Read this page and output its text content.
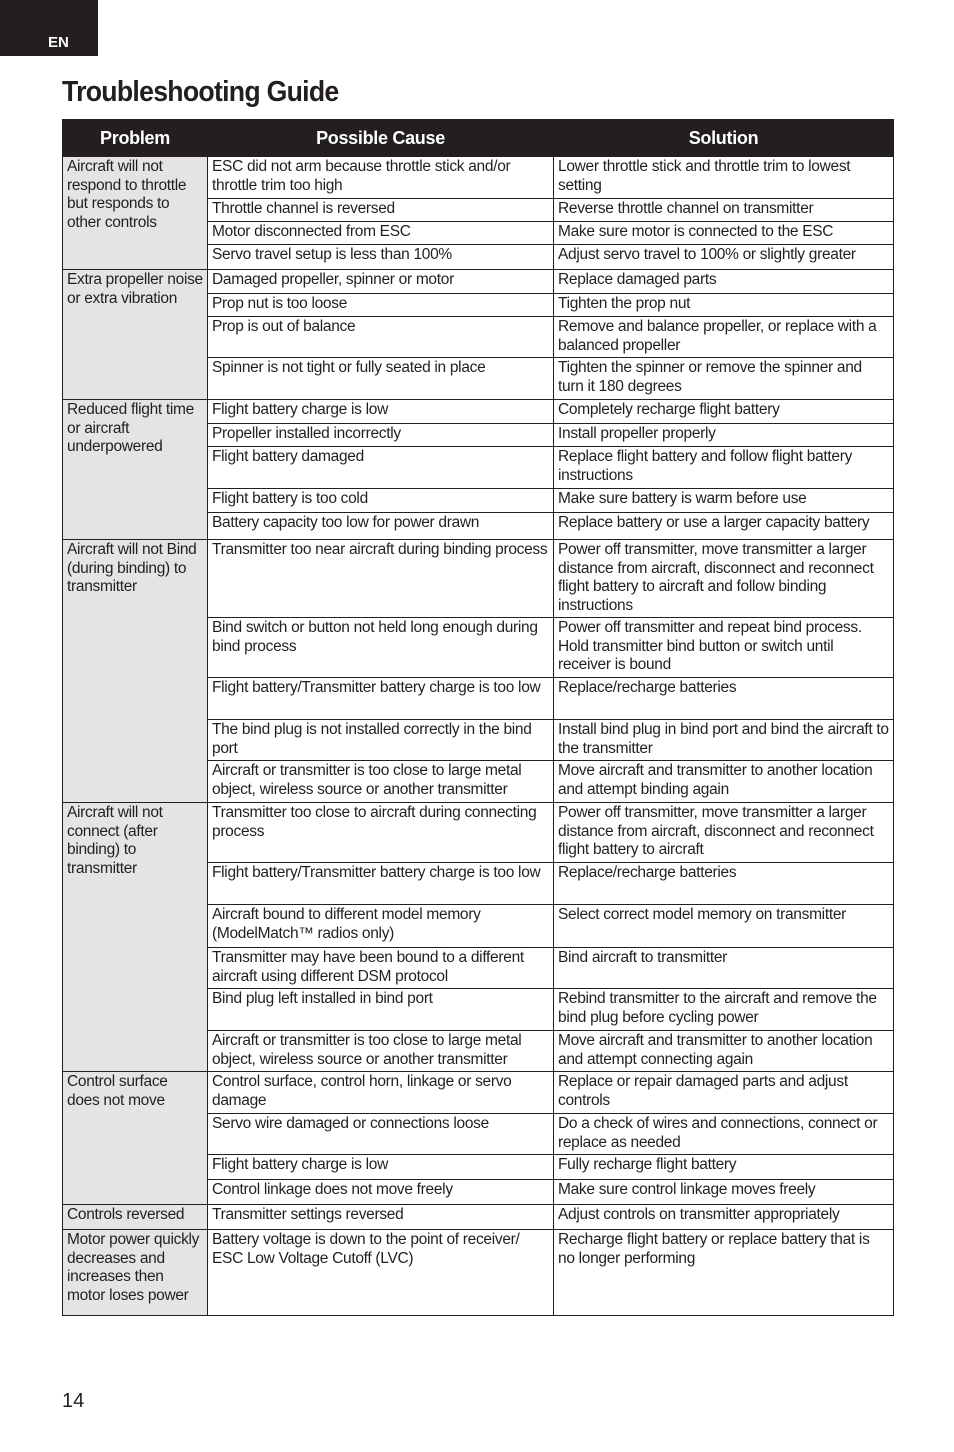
EN
Troubleshooting Guide
Problem	Possible Cause	Solution
Aircraft will not respond to throttle but responds to other controls	ESC did not arm because throttle stick and/or throttle trim too high	Lower throttle stick and throttle trim to lowest setting
	Throttle channel is reversed	Reverse throttle channel on transmitter
	Motor disconnected from ESC	Make sure motor is connected to the ESC
	Servo travel setup is less than 100%	Adjust servo travel to 100% or slightly greater
Extra propeller noise or extra vibration	Damaged propeller, spinner or motor	Replace damaged parts
	Prop nut is too loose	Tighten the prop nut
	Prop is out of balance	Remove and balance propeller, or replace with a balanced propeller
	Spinner is not tight or fully seated in place	Tighten the spinner or remove the spinner and turn it 180 degrees
Reduced flight time or aircraft underpowered	Flight battery charge is low	Completely recharge flight battery
	Propeller installed incorrectly	Install propeller properly
	Flight battery damaged	Replace flight battery and follow flight battery instructions
	Flight battery is too cold	Make sure battery is warm before use
	Battery capacity too low for power drawn	Replace battery or use a larger capacity battery
Aircraft will not Bind (during binding) to transmitter	Transmitter too near aircraft during binding process	Power off transmitter, move transmitter a larger distance from aircraft, disconnect and reconnect flight battery to aircraft and follow binding instructions
	Bind switch or button not held long enough during bind process	Power off transmitter and repeat bind process. Hold transmitter bind button or switch until receiver is bound
	Flight battery/Transmitter battery charge is too low	Replace/recharge batteries
	The bind plug is not installed correctly in the bind port	Install bind plug in bind port and bind the aircraft to the transmitter
	Aircraft or transmitter is too close to large metal object, wireless source or another transmitter	Move aircraft and transmitter to another location and attempt binding again
Aircraft will not connect (after binding) to transmitter	Transmitter too close to aircraft during connecting process	Power off transmitter, move transmitter a larger distance from aircraft, disconnect and reconnect flight battery to aircraft
	Flight battery/Transmitter battery charge is too low	Replace/recharge batteries
	Aircraft bound to different model memory (ModelMatch™ radios only)	Select correct model memory on transmitter
	Transmitter may have been bound to a different aircraft using different DSM protocol	Bind aircraft to transmitter
	Bind plug left installed in bind port	Rebind transmitter to the aircraft and remove the bind plug before cycling power
	Aircraft or transmitter is too close to large metal object, wireless source or another transmitter	Move aircraft and transmitter to another location and attempt connecting again
Control surface does not move	Control surface, control horn, linkage or servo damage	Replace or repair damaged parts and adjust controls
	Servo wire damaged or connections loose	Do a check of wires and connections, connect or replace as needed
	Flight battery charge is low	Fully recharge flight battery
	Control linkage does not move freely	Make sure control linkage moves freely
Controls reversed	Transmitter settings reversed	Adjust controls on transmitter appropriately
Motor power quickly decreases and increases then motor loses power	Battery voltage is down to the point of receiver/ ESC Low Voltage Cutoff (LVC)	Recharge flight battery or replace battery that is no longer performing
14
